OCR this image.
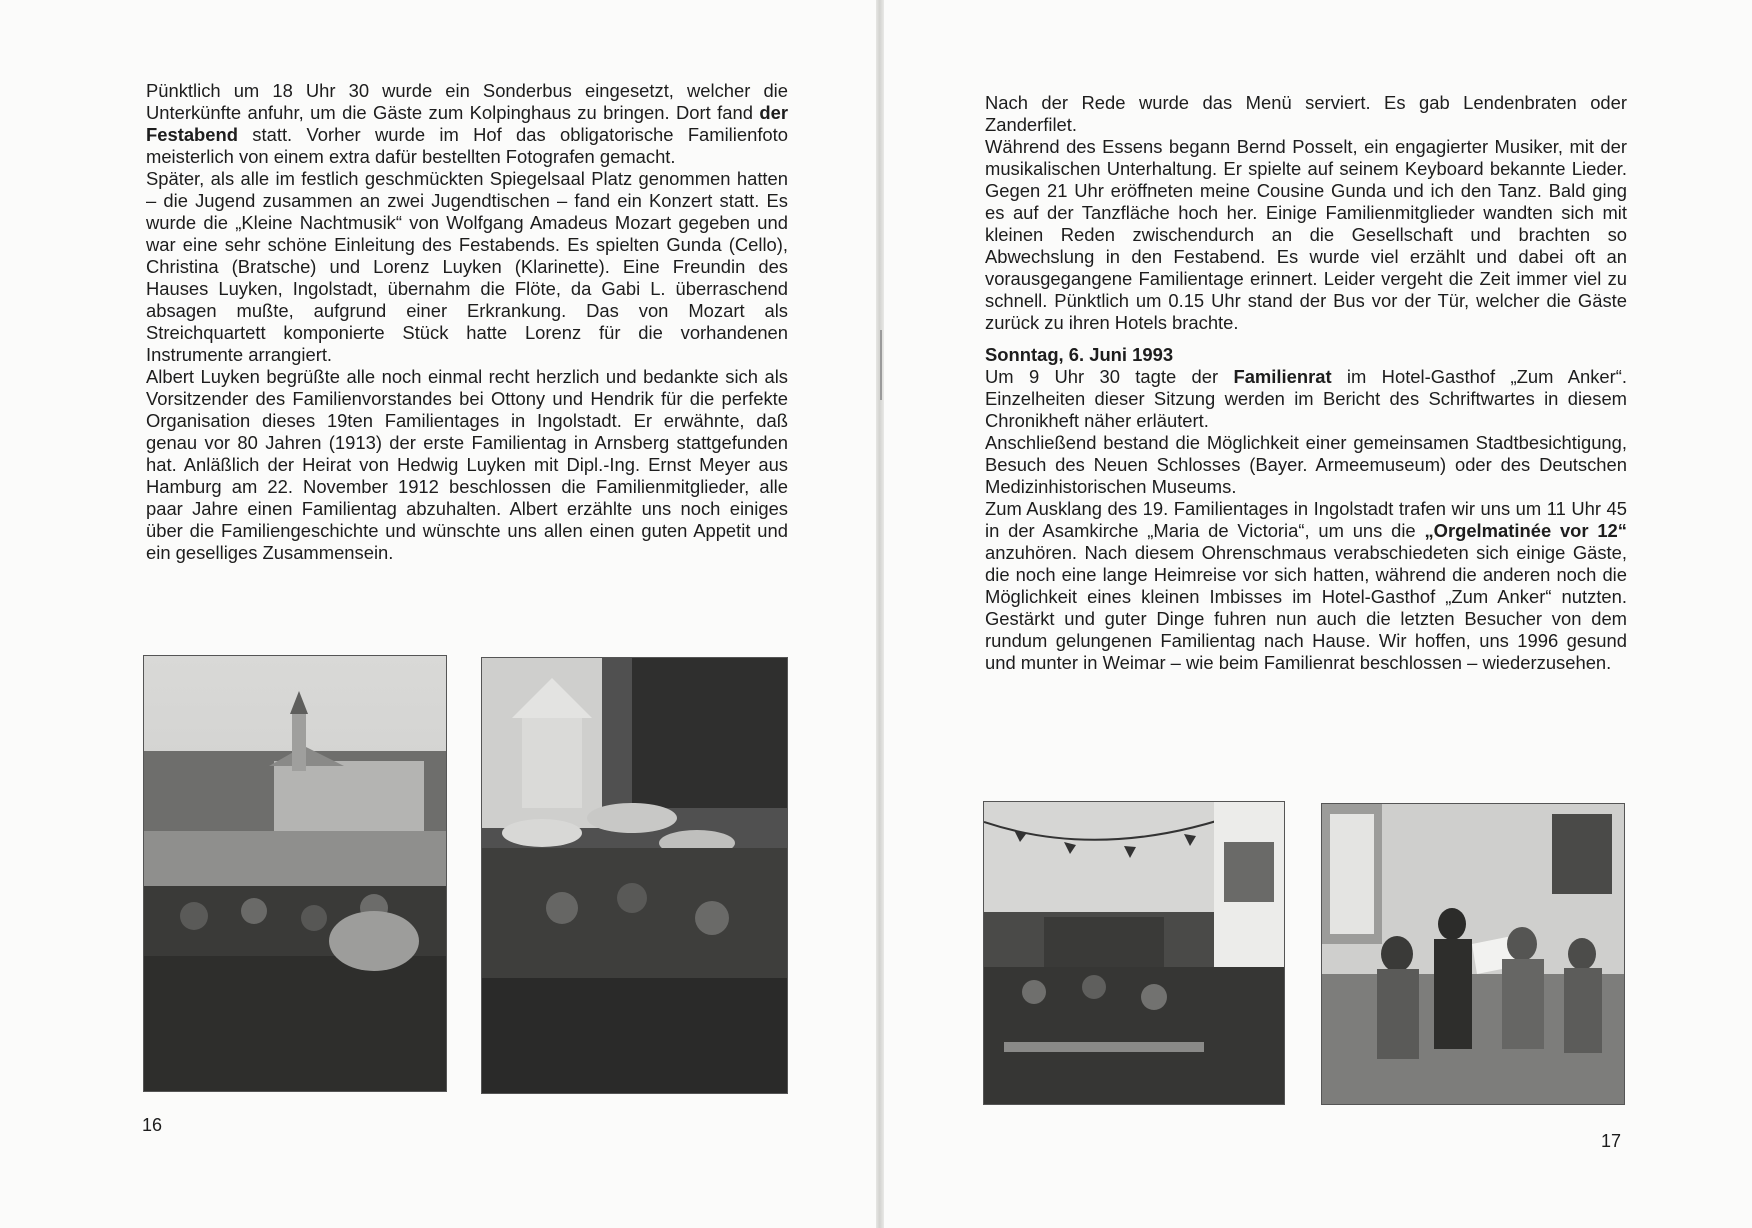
Pünktlich um 18 Uhr 30 wurde ein Sonderbus eingesetzt, welcher die Unterkünfte anfuhr, um die Gäste zum Kolpinghaus zu bringen. Dort fand der Festabend statt. Vorher wurde im Hof das obligatorische Familienfoto meisterlich von einem extra dafür bestellten Fotografen gemacht.

Später, als alle im festlich geschmückten Spiegelsaal Platz genommen hatten – die Jugend zusammen an zwei Jugendtischen – fand ein Konzert statt. Es wurde die „Kleine Nachtmusik“ von Wolfgang Amadeus Mozart gegeben und war eine sehr schöne Einleitung des Festabends. Es spielten Gunda (Cello), Christina (Bratsche) und Lorenz Luyken (Klarinette). Eine Freundin des Hauses Luyken, Ingolstadt, übernahm die Flöte, da Gabi L. überraschend absagen mußte, aufgrund einer Erkrankung. Das von Mozart als Streichquartett komponierte Stück hatte Lorenz für die vorhandenen Instrumente arrangiert.

Albert Luyken begrüßte alle noch einmal recht herzlich und bedankte sich als Vorsitzender des Familienvorstandes bei Ottony und Hendrik für die perfekte Organisation dieses 19ten Familientages in Ingolstadt. Er erwähnte, daß genau vor 80 Jahren (1913) der erste Familientag in Arnsberg stattgefunden hat. Anläßlich der Heirat von Hedwig Luyken mit Dipl.-Ing. Ernst Meyer aus Hamburg am 22. November 1912 beschlossen die Familienmitglieder, alle paar Jahre einen Familientag abzuhalten. Albert erzählte uns noch einiges über die Familiengeschichte und wünschte uns allen einen guten Appetit und ein geselliges Zusammensein.

16

Nach der Rede wurde das Menü serviert. Es gab Lendenbraten oder Zanderfilet.

Während des Essens begann Bernd Posselt, ein engagierter Musiker, mit der musikalischen Unterhaltung. Er spielte auf seinem Keyboard bekannte Lieder. Gegen 21 Uhr eröffneten meine Cousine Gunda und ich den Tanz. Bald ging es auf der Tanzfläche hoch her. Einige Familienmitglieder wandten sich mit kleinen Reden zwischendurch an die Gesellschaft und brachten so Abwechslung in den Festabend. Es wurde viel erzählt und dabei oft an vorausgegangene Familientage erinnert. Leider vergeht die Zeit immer viel zu schnell. Pünktlich um 0.15 Uhr stand der Bus vor der Tür, welcher die Gäste zurück zu ihren Hotels brachte.

Sonntag, 6. Juni 1993

Um 9 Uhr 30 tagte der Familienrat im Hotel-Gasthof „Zum Anker“. Einzelheiten dieser Sitzung werden im Bericht des Schriftwartes in diesem Chronikheft näher erläutert.

Anschließend bestand die Möglichkeit einer gemeinsamen Stadtbesichtigung, Besuch des Neuen Schlosses (Bayer. Armeemuseum) oder des Deutschen Medizinhistorischen Museums.

Zum Ausklang des 19. Familientages in Ingolstadt trafen wir uns um 11 Uhr 45 in der Asamkirche „Maria de Victoria“, um uns die „Orgelmatinée vor 12“ anzuhören. Nach diesem Ohrenschmaus verabschiedeten sich einige Gäste, die noch eine lange Heimreise vor sich hatten, während die anderen noch die Möglichkeit eines kleinen Imbisses im Hotel-Gasthof „Zum Anker“ nutzten. Gestärkt und guter Dinge fuhren nun auch die letzten Besucher von dem rundum gelungenen Familientag nach Hause. Wir hoffen, uns 1996 gesund und munter in Weimar – wie beim Familienrat beschlossen – wiederzusehen.

17
